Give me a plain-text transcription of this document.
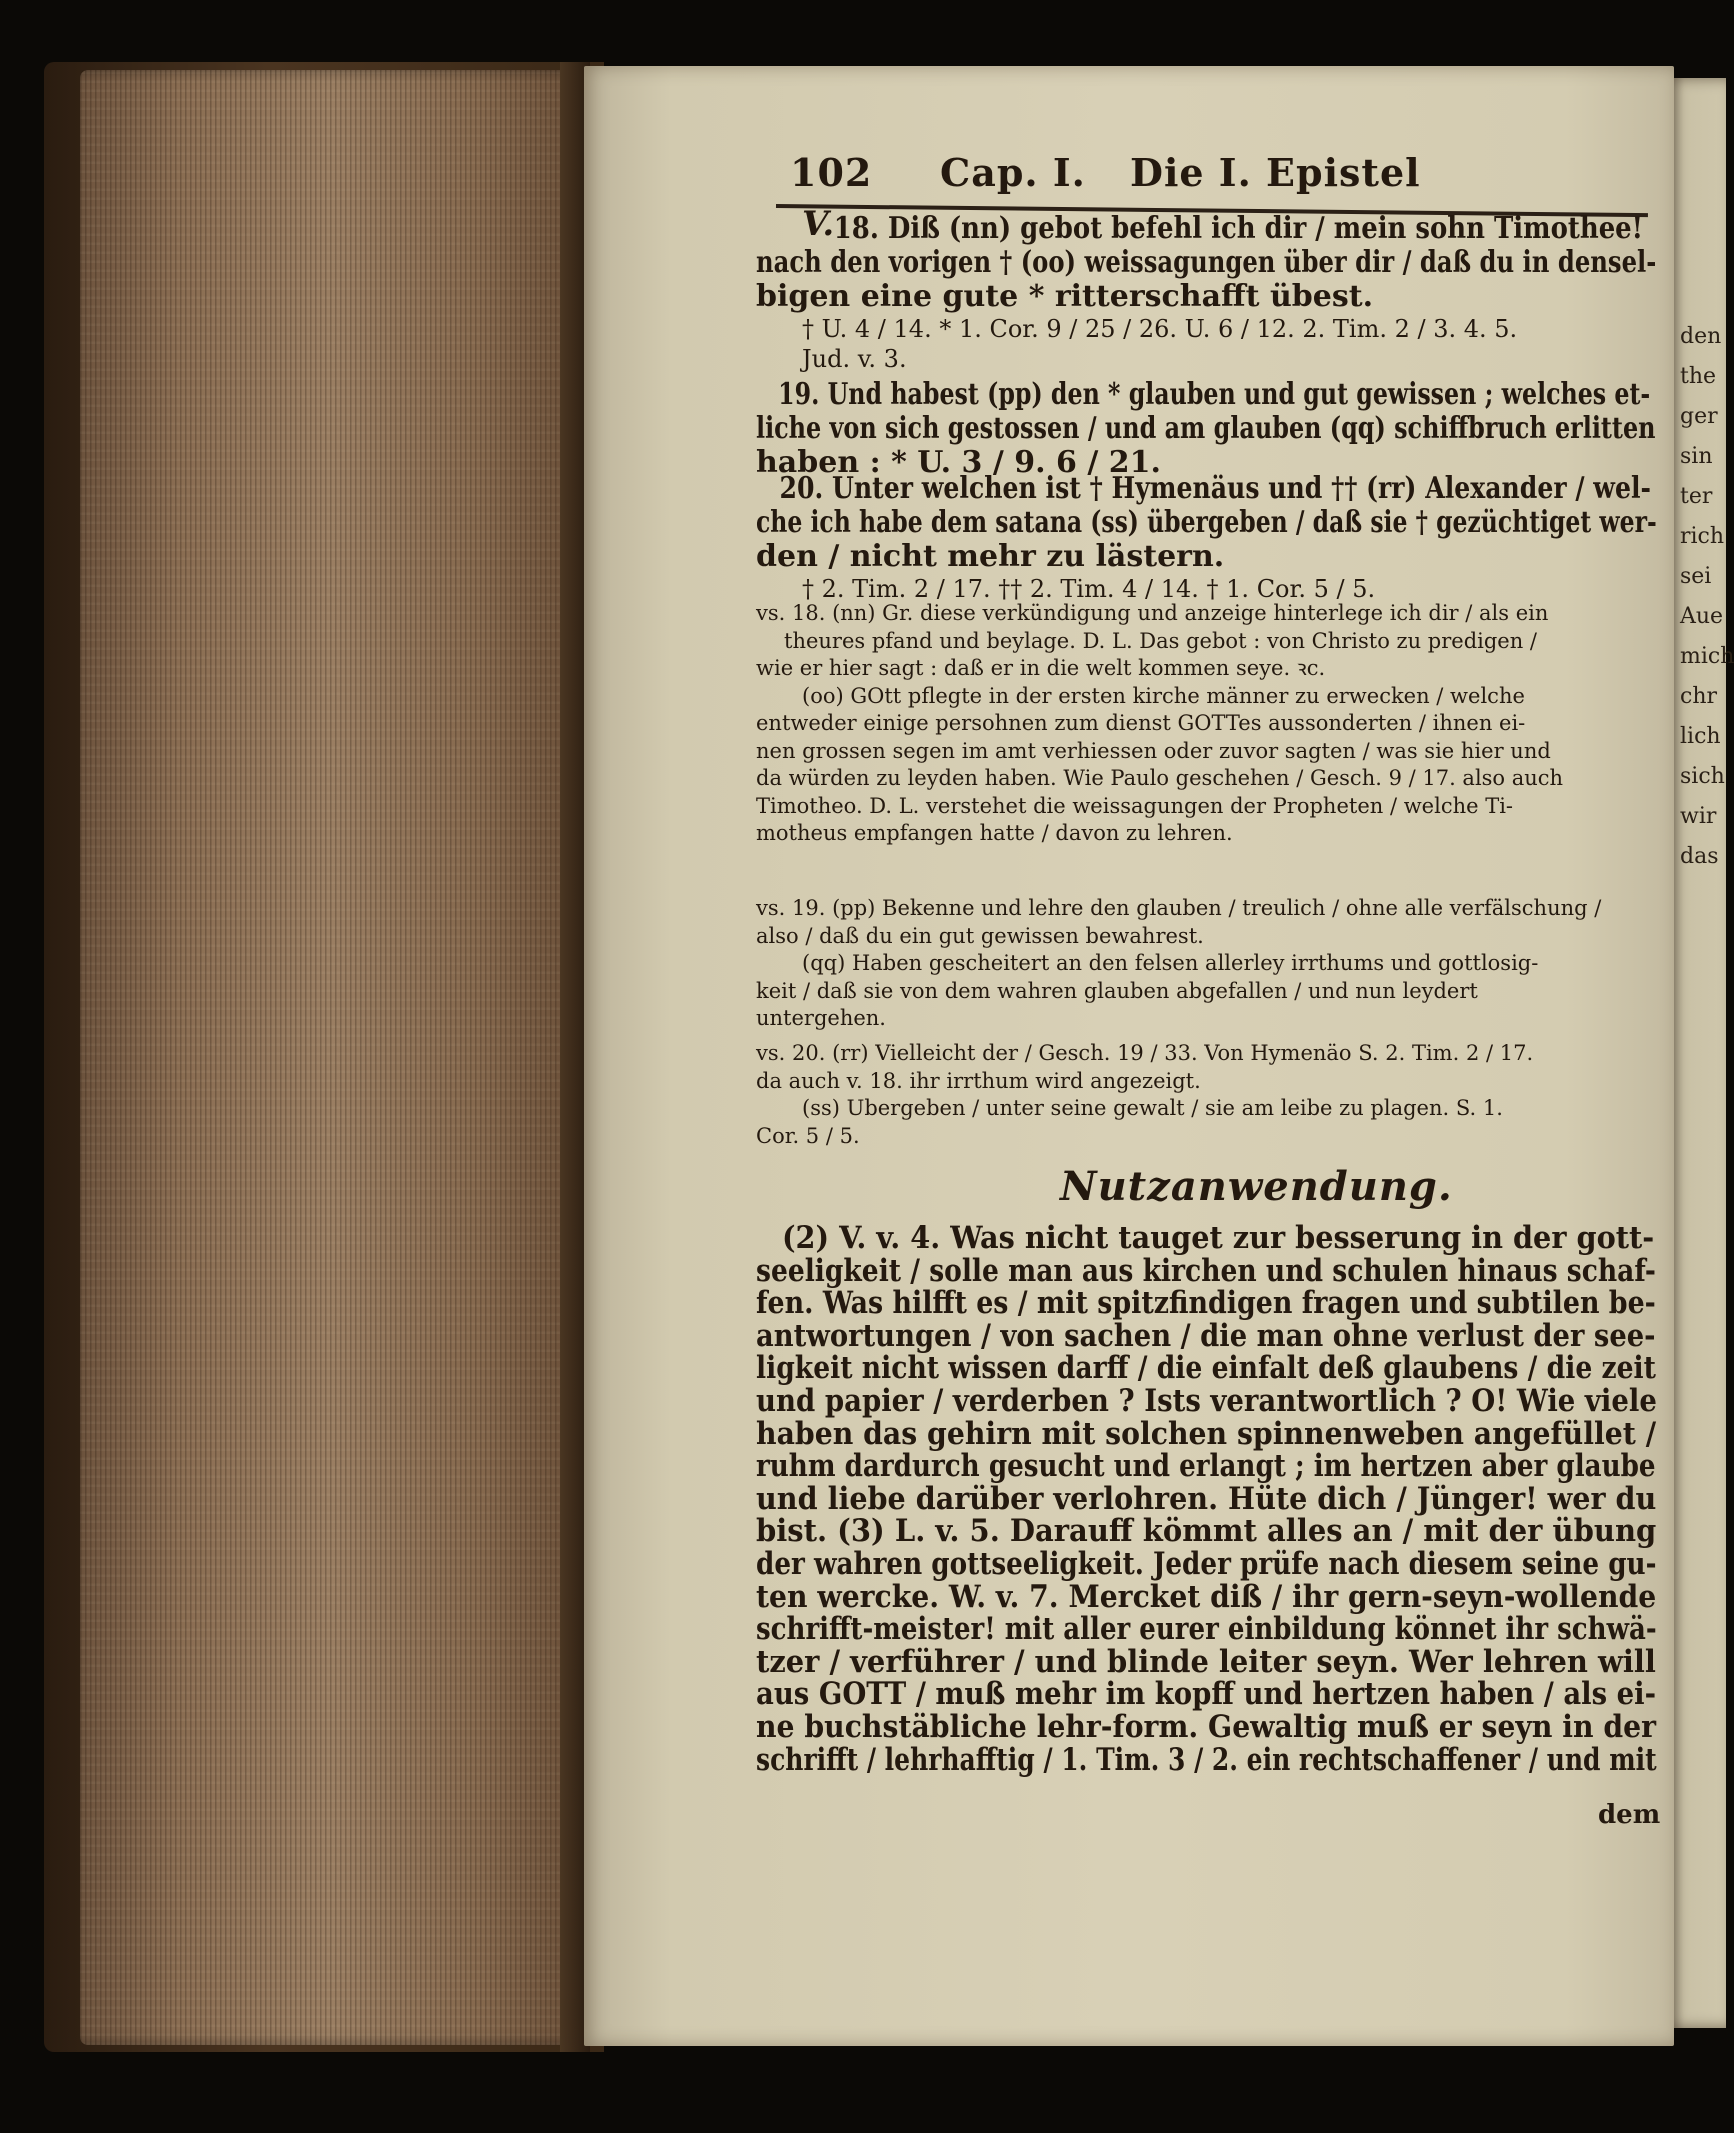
den
the
ger
sin
ter
rich
sei
Aue
mich
chr
lich
sich
wir
das
102 Cap. I. Die I. Epistel
V. 18. Diß (nn) gebot befehl ich dir / mein sohn Timothee!
nach den vorigen † (oo) weissagungen über dir / daß du in densel-
bigen eine gute * ritterschafft übest.
† U. 4 / 14. * 1. Cor. 9 / 25 / 26. U. 6 / 12. 2. Tim. 2 / 3. 4. 5.
Jud. v. 3.
19. Und habest (pp) den * glauben und gut gewissen ; welches et-
liche von sich gestossen / und am glauben (qq) schiffbruch erlitten
haben : * U. 3 / 9. 6 / 21.
20. Unter welchen ist † Hymenäus und †† (rr) Alexander / wel-
che ich habe dem satana (ss) übergeben / daß sie † gezüchtiget wer-
den / nicht mehr zu lästern.
† 2. Tim. 2 / 17. †† 2. Tim. 4 / 14. † 1. Cor. 5 / 5.
vs. 18. (nn) Gr. diese verkündigung und anzeige hinterlege ich dir / als ein
theures pfand und beylage. D. L. Das gebot : von Christo zu predigen /
wie er hier sagt : daß er in die welt kommen seye. ꝛc.
(oo) GOtt pflegte in der ersten kirche männer zu erwecken / welche
entweder einige persohnen zum dienst GOTTes aussonderten / ihnen ei-
nen grossen segen im amt verhiessen oder zuvor sagten / was sie hier und
da würden zu leyden haben. Wie Paulo geschehen / Gesch. 9 / 17. also auch
Timotheo. D. L. verstehet die weissagungen der Propheten / welche Ti-
motheus empfangen hatte / davon zu lehren.
vs. 19. (pp) Bekenne und lehre den glauben / treulich / ohne alle verfälschung /
also / daß du ein gut gewissen bewahrest.
(qq) Haben gescheitert an den felsen allerley irrthums und gottlosig-
keit / daß sie von dem wahren glauben abgefallen / und nun leydert
untergehen.
vs. 20. (rr) Vielleicht der / Gesch. 19 / 33. Von Hymenäo S. 2. Tim. 2 / 17.
da auch v. 18. ihr irrthum wird angezeigt.
(ss) Ubergeben / unter seine gewalt / sie am leibe zu plagen. S. 1.
Cor. 5 / 5.
Nutzanwendung.
(2) V. v. 4. Was nicht tauget zur besserung in der gott-
seeligkeit / solle man aus kirchen und schulen hinaus schaf-
fen. Was hilfft es / mit spitzfindigen fragen und subtilen be-
antwortungen / von sachen / die man ohne verlust der see-
ligkeit nicht wissen darff / die einfalt deß glaubens / die zeit
und papier / verderben ? Ists verantwortlich ? O! Wie viele
haben das gehirn mit solchen spinnenweben angefüllet /
ruhm dardurch gesucht und erlangt ; im hertzen aber glaube
und liebe darüber verlohren. Hüte dich / Jünger! wer du
bist. (3) L. v. 5. Darauff kömmt alles an / mit der übung
der wahren gottseeligkeit. Jeder prüfe nach diesem seine gu-
ten wercke. W. v. 7. Mercket diß / ihr gern-seyn-wollende
schrifft-meister! mit aller eurer einbildung könnet ihr schwä-
tzer / verführer / und blinde leiter seyn. Wer lehren will
aus GOTT / muß mehr im kopff und hertzen haben / als ei-
ne buchstäbliche lehr-form. Gewaltig muß er seyn in der
schrifft / lehrhafftig / 1. Tim. 3 / 2. ein rechtschaffener / und mit
dem
